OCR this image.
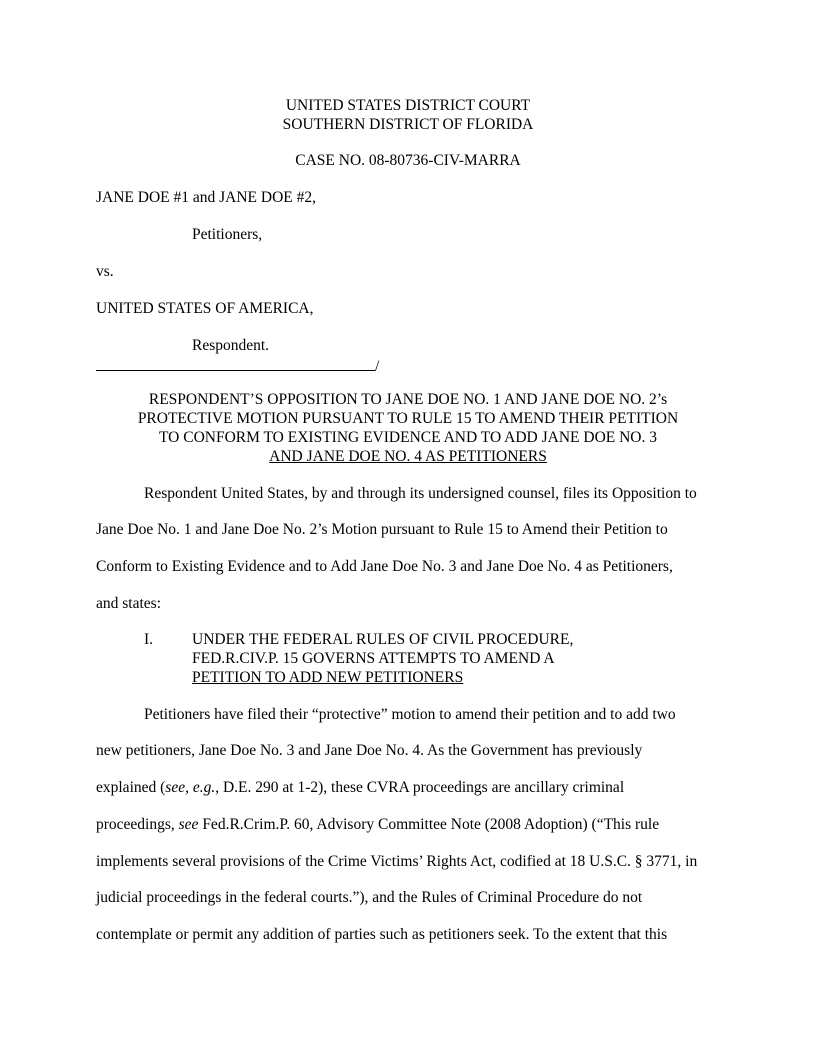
UNITED STATES DISTRICT COURT
SOUTHERN DISTRICT OF FLORIDA
CASE NO. 08-80736-CIV-MARRA
JANE DOE #1 and JANE DOE #2,
Petitioners,
vs.
UNITED STATES OF AMERICA,
Respondent.
/
RESPONDENT’S OPPOSITION TO JANE DOE NO. 1 AND JANE DOE NO. 2’s
PROTECTIVE MOTION PURSUANT TO RULE 15 TO AMEND THEIR PETITION
TO CONFORM TO EXISTING EVIDENCE AND TO ADD JANE DOE NO. 3
AND JANE DOE NO. 4 AS PETITIONERS
Respondent United States, by and through its undersigned counsel, files its Opposition to
Jane Doe No. 1 and Jane Doe No. 2’s Motion pursuant to Rule 15 to Amend their Petition to
Conform to Existing Evidence and to Add Jane Doe No. 3 and Jane Doe No. 4 as Petitioners,
and states:
I.	UNDER THE FEDERAL RULES OF CIVIL PROCEDURE,
FED.R.CIV.P. 15 GOVERNS ATTEMPTS TO AMEND A
PETITION TO ADD NEW PETITIONERS
Petitioners have filed their “protective” motion to amend their petition and to add two
new petitioners, Jane Doe No. 3 and Jane Doe No. 4. As the Government has previously
explained (see, e.g., D.E. 290 at 1-2), these CVRA proceedings are ancillary criminal
proceedings, see Fed.R.Crim.P. 60, Advisory Committee Note (2008 Adoption) (“This rule
implements several provisions of the Crime Victims’ Rights Act, codified at 18 U.S.C. § 3771, in
judicial proceedings in the federal courts.”), and the Rules of Criminal Procedure do not
contemplate or permit any addition of parties such as petitioners seek. To the extent that this
